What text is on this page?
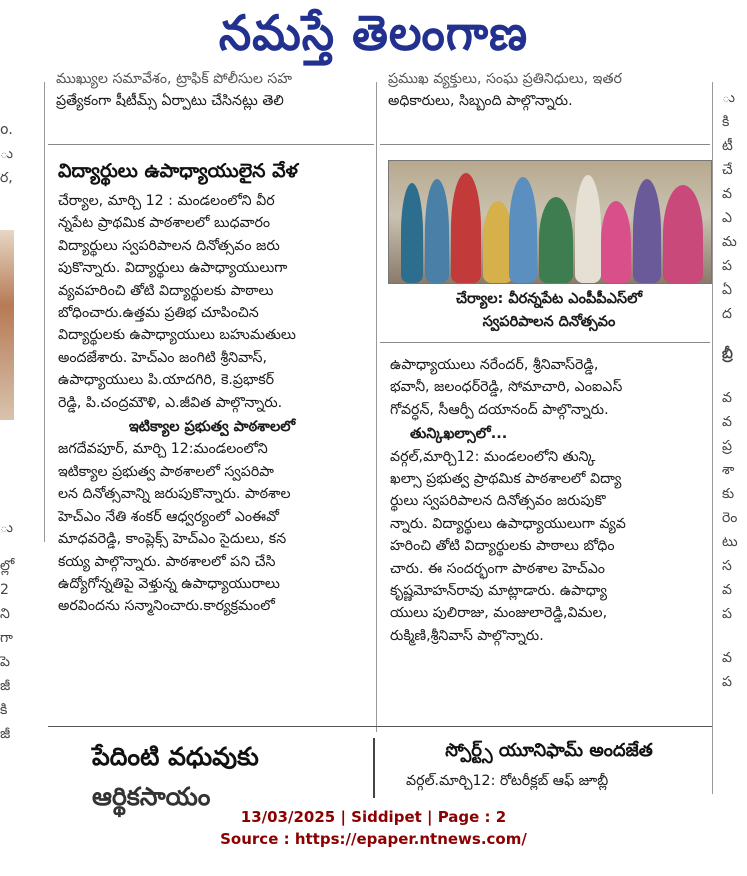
నమస్తే తెలంగాణ

o.

ు

ర,

ు

ల్లో

2

ని

గా

పె

జీ

కి

జీ

ు

కి

టీ

చే

వ

ఎ

మ

ప

ఏ

ద

బ్రీ

వ

వ

ప్ర

శా

కు

రెం

టు

స

వ

ప

వ

ప

ముఖ్యుల సమావేశం, ట్రాఫిక్ పోలీసుల సహ

ప్రత్యేకంగా షీటీమ్స్ ఏర్పాటు చేసినట్లు తెలి

ప్రముఖ వ్యక్తులు, సంఘ ప్రతినిధులు, ఇతర

అధికారులు, సిబ్బంది పాల్గొన్నారు.

విద్యార్థులు ఉపాధ్యాయులైన వేళ

చేర్యాల, మార్చి 12 : మండలంలోని వీర

న్నపేట ప్రాథమిక పాఠశాలలో బుధవారం

విద్యార్థులు స్వపరిపాలన దినోత్సవం జరు

పుకొన్నారు. విద్యార్థులు ఉపాధ్యాయులుగా

వ్యవహరించి తోటి విద్యార్థులకు పాఠాలు

బోధించారు.ఉత్తమ ప్రతిభ చూపించిన

విద్యార్థులకు ఉపాధ్యాయులు బహుమతులు

అందజేశారు. హెచ్ఎం జంగిటి శ్రీనివాస్,

ఉపాధ్యాయులు పి.యాదగిరి, కె.ప్రభాకర్

రెడ్డి, పి.చంద్రమౌళి, ఎ.జీవిత పాల్గొన్నారు.

ఇటిక్యాల ప్రభుత్వ పాఠశాలలో

జగదేవపూర్, మార్చి 12:మండలంలోని

ఇటిక్యాల ప్రభుత్వ పాఠశాలలో స్వపరిపా

లన దినోత్సవాన్ని జరుపుకొన్నారు. పాఠశాల

హెచ్ఎం నేతి శంకర్ ఆధ్వర్యంలో ఎంఈవో

మాధవరెడ్డి, కాంప్లెక్స్ హెచ్ఎం సైదులు, కన

కయ్య పాల్గొన్నారు. పాఠశాలలో పని చేసి

ఉద్యోగోన్నతిపై వెళ్తున్న ఉపాధ్యాయురాలు

అరవిందను సన్మానించారు.కార్యక్రమంలో

చేర్యాల: వీరన్నపేట ఎంపీపీఎస్‌లో
స్వపరిపాలన దినోత్సవం

ఉపాధ్యాయులు నరేందర్, శ్రీనివాస్‌రెడ్డి,

భవానీ, జలంధర్‌రెడ్డి, సోమాచారి, ఎంఐఎస్

గోవర్ధన్, సీఆర్పీ దయానంద్ పాల్గొన్నారు.

తున్కిఖల్సాలో...

వర్గల్,మార్చి12: మండలంలోని తున్కి

ఖల్సా ప్రభుత్వ ప్రాథమిక పాఠశాలలో విద్యా

ర్థులు స్వపరిపాలన దినోత్సవం జరుపుకొ

న్నారు. విద్యార్థులు ఉపాధ్యాయులుగా వ్యవ

హరించి తోటి విద్యార్థులకు పాఠాలు బోధిం

చారు. ఈ సందర్భంగా పాఠశాల హెచ్ఎం

కృష్ణమోహన్‌రావు మాట్లాడారు. ఉపాధ్యా

యులు పులిరాజు, మంజులారెడ్డి,విమల,

రుక్మిణి,శ్రీనివాస్ పాల్గొన్నారు.

పేదింటి వధువుకు
ఆర్థికసాయం

స్పోర్ట్స్ యూనిఫామ్ అందజేత

వర్గల్.మార్చి12: రోటరీక్లబ్ ఆఫ్ జూబ్లీ

13/03/2025 | Siddipet | Page : 2
Source : https://epaper.ntnews.com/
